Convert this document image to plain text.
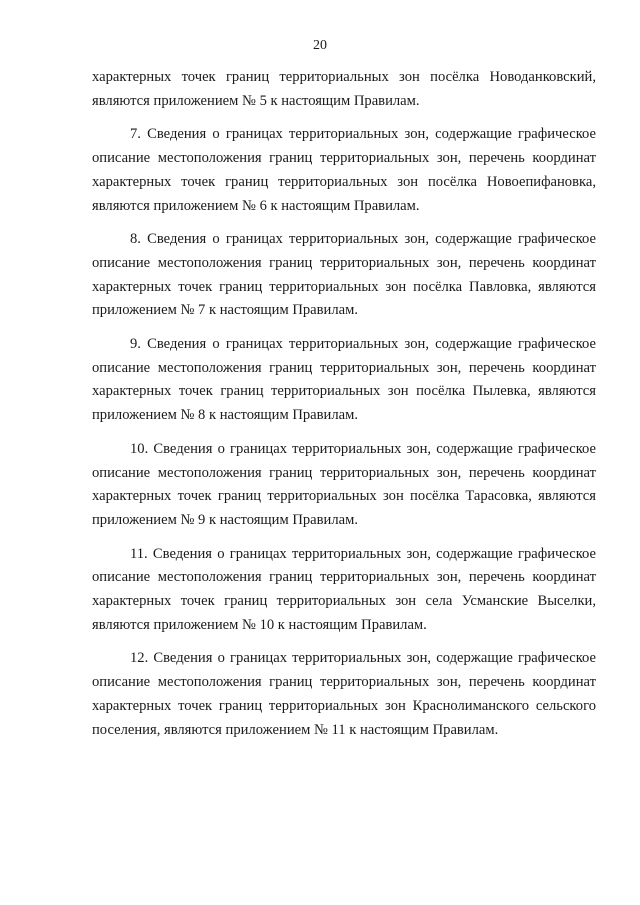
20

характерных точек границ территориальных зон посёлка Новоданковский, являются приложением № 5 к настоящим Правилам.

7. Сведения о границах территориальных зон, содержащие графическое описание местоположения границ территориальных зон, перечень координат характерных точек границ территориальных зон посёлка Новоепифановка, являются приложением № 6 к настоящим Правилам.

8. Сведения о границах территориальных зон, содержащие графическое описание местоположения границ территориальных зон, перечень координат характерных точек границ территориальных зон посёлка Павловка, являются приложением № 7 к настоящим Правилам.

9. Сведения о границах территориальных зон, содержащие графическое описание местоположения границ территориальных зон, перечень координат характерных точек границ территориальных зон посёлка Пылевка, являются приложением № 8 к настоящим Правилам.

10. Сведения о границах территориальных зон, содержащие графическое описание местоположения границ территориальных зон, перечень координат характерных точек границ территориальных зон посёлка Тарасовка, являются приложением № 9 к настоящим Правилам.

11. Сведения о границах территориальных зон, содержащие графическое описание местоположения границ территориальных зон, перечень координат характерных точек границ территориальных зон села Усманские Выселки, являются приложением № 10 к настоящим Правилам.

12. Сведения о границах территориальных зон, содержащие графическое описание местоположения границ территориальных зон, перечень координат характерных точек границ территориальных зон Краснолиманского сельского поселения, являются приложением № 11 к настоящим Правилам.
